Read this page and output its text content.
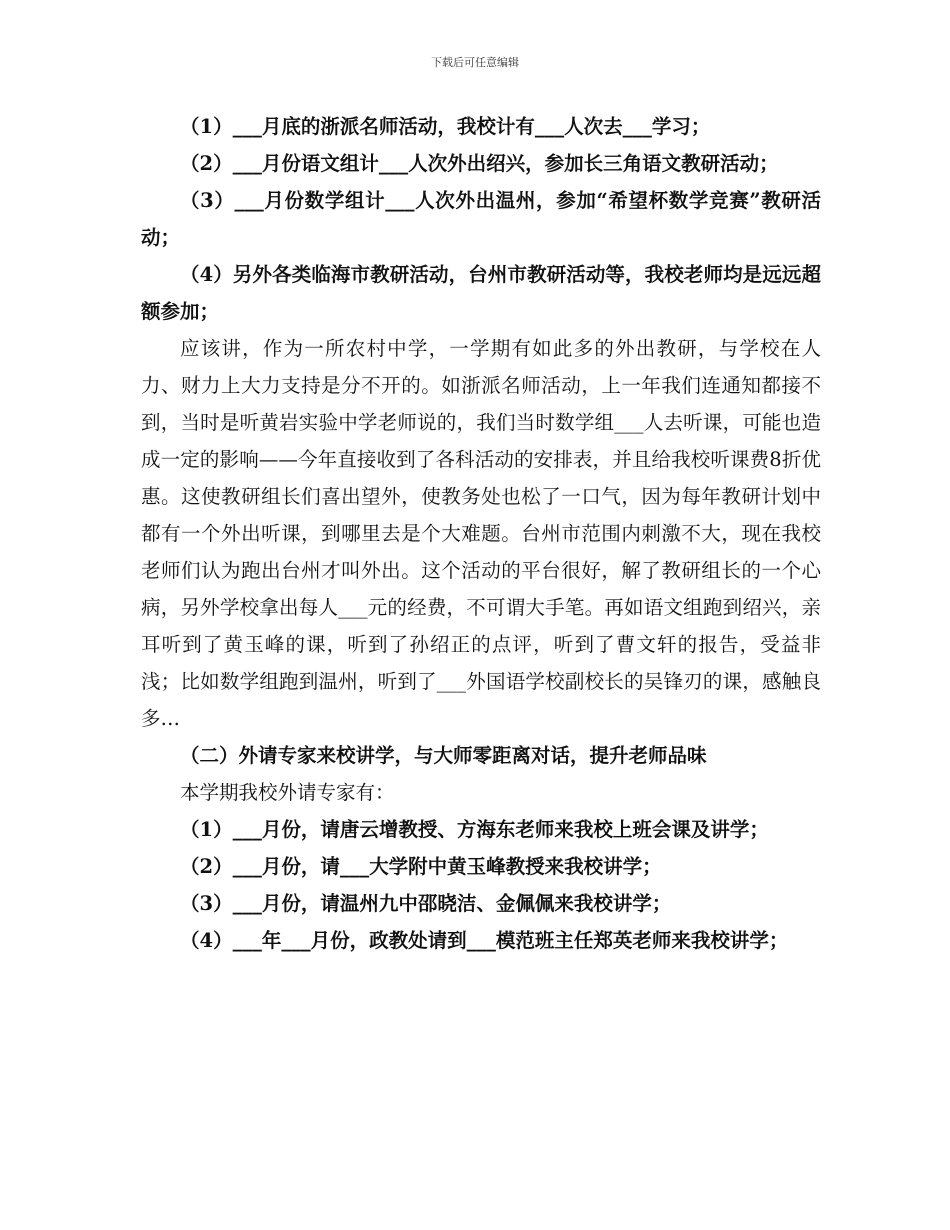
下载后可任意编辑

（1）___月底的浙派名师活动，我校计有___人次去___学习；

（2）___月份语文组计___人次外出绍兴，参加长三角语文教研活动；

（3）___月份数学组计___人次外出温州，参加“希望杯数学竞赛”教研活动；

（4）另外各类临海市教研活动，台州市教研活动等，我校老师均是远远超额参加；

应该讲，作为一所农村中学，一学期有如此多的外出教研，与学校在人力、财力上大力支持是分不开的。如浙派名师活动，上一年我们连通知都接不到，当时是听黄岩实验中学老师说的，我们当时数学组___人去听课，可能也造成一定的影响——今年直接收到了各科活动的安排表，并且给我校听课费8折优惠。这使教研组长们喜出望外，使教务处也松了一口气，因为每年教研计划中都有一个外出听课，到哪里去是个大难题。台州市范围内刺激不大，现在我校老师们认为跑出台州才叫外出。这个活动的平台很好，解了教研组长的一个心病，另外学校拿出每人___元的经费，不可谓大手笔。再如语文组跑到绍兴，亲耳听到了黄玉峰的课，听到了孙绍正的点评，听到了曹文轩的报告，受益非浅；比如数学组跑到温州，听到了___外国语学校副校长的吴锋刃的课，感触良多…

（二）外请专家来校讲学，与大师零距离对话，提升老师品味

本学期我校外请专家有：

（1）___月份，请唐云增教授、方海东老师来我校上班会课及讲学；

（2）___月份，请___大学附中黄玉峰教授来我校讲学；

（3）___月份，请温州九中邵晓洁、金佩佩来我校讲学；

（4）___年___月份，政教处请到___模范班主任郑英老师来我校讲学；
